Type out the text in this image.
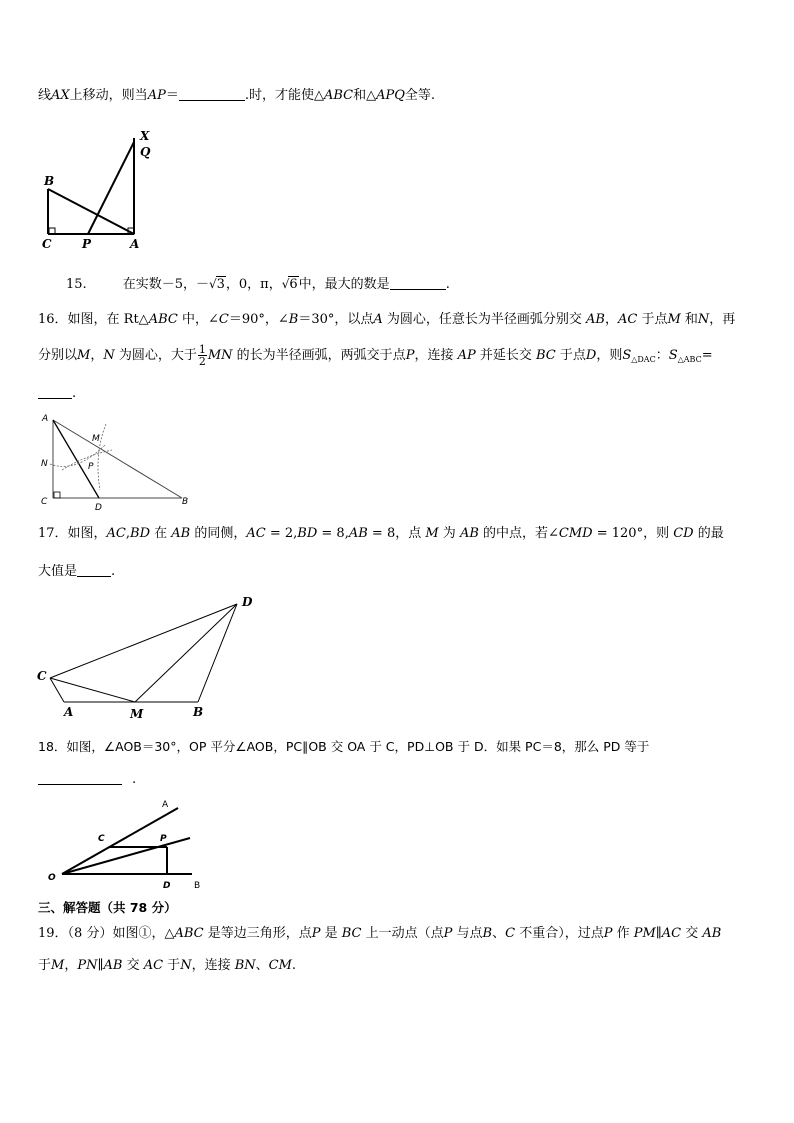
线AX上移动，则当AP＝	.时，才能使△ABC和△APQ全等.
X
Q
B
C	P	A
15.	在实数－5，－√3，0，π，√6中，最大的数是	.
16．如图，在 Rt△ABC 中，∠C＝90°，∠B＝30°，以点A 为圆心，任意长为半径画弧分别交 AB，AC 于点M 和N，再
分别以M，N 为圆心，大于 $\frac{1}{2}$ MN 的长为半径画弧，两弧交于点P，连接 AP 并延长交 BC 于点D，则$S_{\triangle DAC}$：$S_{\triangle ABC}=$
.
A
M
N	P
C
D
B
17．如图，AC,BD 在 AB 的同侧，AC = 2,BD = 8,AB = 8，点 M 为 AB 的中点，若∠CMD = 120°，则 CD 的最
大值是	.
D
C
A	M	B
18．如图，∠AOB＝30°，OP 平分∠AOB，PC∥OB 交 OA 于 C，PD⊥OB 于 D．如果 PC＝8，那么 PD 等于
.
A
C	P
O
D	B
三、解答题（共 78 分）
19．（8 分）如图①，△ABC 是等边三角形，点P 是 BC 上一动点（点P 与点B、C 不重合），过点P 作 PM∥AC 交 AB
于M，PN∥AB 交 AC 于N，连接 BN、CM.
